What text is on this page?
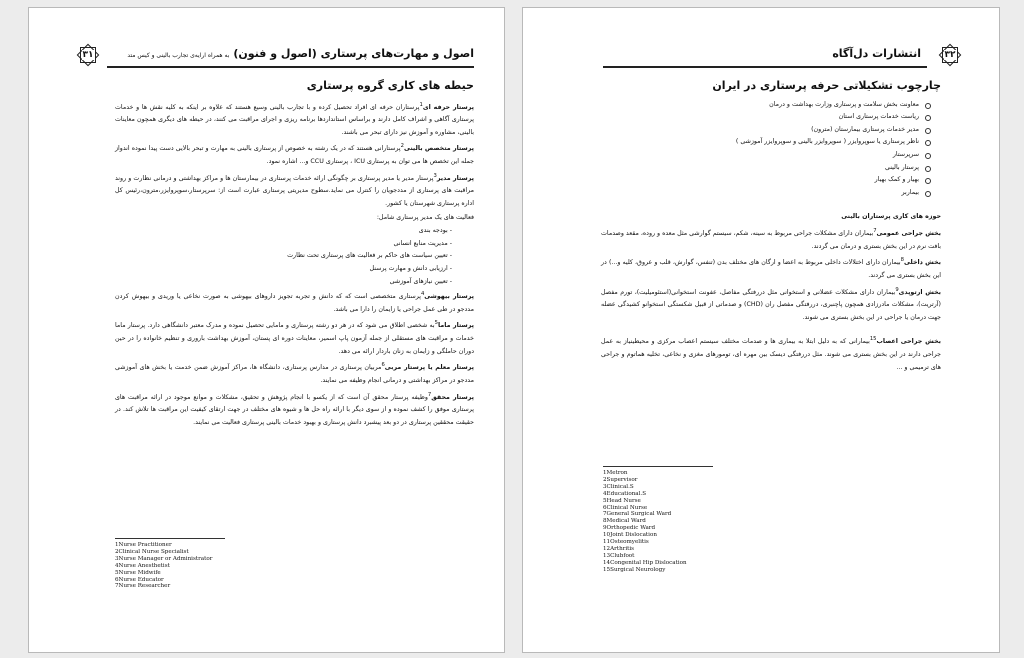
۳۱	اصول و مهارت‌های پرستاری (اصول و فنون)به همراه ارایه‌ی تجارب بالینی و کیس متد
حیطه های کاری گروه پرستاری

پرستار حرفه ای$^1$پرستاران حرفه ای افراد تحصیل کرده و با تجارب بالینی وسیع هستند که علاوه بر اینکه به کلیه نقش ها و خدمات پرستاری آگاهی و اشراف کامل دارند و براساس استانداردها برنامه ریزی و اجرای مراقبت می کنند، در حیطه های دیگری همچون معاینات بالینی، مشاوره و آموزش نیز دارای تبحر می باشند.

پرستار متخصص بالینی$^2$پرستارانی هستند که در یک رشته به خصوص از پرستاری بالینی به مهارت و تبحر بالایی دست پیدا نموده اندواز جمله این تخصص ها می توان به پرستاری ICU ، پرستاری CCU و... اشاره نمود.

پرستار مدیر$^3$پرستار مدیر یا مدیر پرستاری بر چگونگی ارائه خدمات پرستاری در بیمارستان ها و مراکز بهداشتی و درمانی نظارت و روند مراقبت های پرستاری از مددجویان را کنترل می نماید.سطوح مدیریتی پرستاری عبارت است از: سرپرستار،سوپروایزر،مترون،رئیس کل اداره پرستاری شهرستان یا کشور.

فعالیت های یک مدیر پرستاری شامل:

- بودجه بندی
- مدیریت منابع انسانی
- تعیین سیاست های حاکم بر فعالیت های پرستاری تحت نظارت
- ارزیابی دانش و مهارت پرسنل
- تعیین نیازهای آموزشی

پرستار بیهوشی$^4$پرستاری متخصصی است که که دانش و تجربه تجویز داروهای بیهوشی به صورت نخاعی یا وریدی و بیهوش کردن مددجو در طی عمل جراحی یا زایمان را دارا می باشد.

پرستار ماما$^5$به شخصی اطلاق می شود که در هر دو رشته پرستاری و مامایی تحصیل نموده و مدرک معتبر دانشگاهی دارد. پرستار ماما خدمات و مراقبت های مستقلی از جمله آزمون پاپ اسمیر، معاینات دوره ای پستان، آموزش بهداشت باروری و تنظیم خانواده را در حین دوران حاملگی و زایمان به زنان باردار ارائه می دهد.

پرستار معلم یا پرستار مربی$^6$مربیان پرستاری در مدارس پرستاری، دانشگاه ها، مراکز آموزش ضمن خدمت یا بخش های آموزشی مددجو در مراکز بهداشتی و درمانی انجام وظیفه می نمایند.

پرستار محقق$^7$وظیفه پرستار محقق آن است که از یکسو با انجام پژوهش و تحقیق، مشکلات و موانع موجود در ارائه مراقبت های پرستاری موفق را کشف نموده و از سوی دیگر با ارائه راه حل ها و شیوه های مختلف در جهت ارتقای کیفیت این مراقبت ها تلاش کند. در حقیقت محققین پرستاری در دو بعد پیشبرد دانش پرستاری و بهبود خدمات بالینی پرستاری فعالیت می نمایند.

1Nurse Practitioner
2Clinical Nurse Specialist
3Nurse Manager or Administrator
4Nurse Anesthetist
5Nurse Midwife
6Nurse Educator
7Nurse Researcher
۳۲
انتشارات دل‌آگاه
چارچوب تشکیلاتی حرفه پرستاری در ایران
معاونت بخش سلامت و پرستاری وزارت بهداشت و درمان
ریاست خدمات پرستاری استان
مدیر خدمات پرستاری بیمارستان (مترون)
ناظر پرستاری یا سوپروایزر ( سوپروایزر بالینی و سوپروایزر آموزشی )
سرپرستار
پرستار بالینی
بهیار و کمک بهیار
بیماربر

حوزه های کاری پرستاران بالینی

بخش جراحی عمومی$^7$بیماران دارای مشکلات جراحی مربوط به سینه، شکم، سیستم گوارشی مثل معده و روده، مقعد وصدمات بافت نرم در این بخش بستری و درمان می گردند.

بخش داخلی$^8$بیماران دارای اختلالات داخلی مربوط به اعضا و ارگان های مختلف بدن (تنفس، گوارش، قلب و عروق، کلیه و...) در این بخش بستری می گردند.

بخش ارتوپدی$^9$بیماران دارای مشکلات عضلانی و استخوانی مثل دررفتگی مفاصل، عفونت استخوانی(استئومیلیت)، تورم مفصل (آرتریت)، مشکلات مادرزادی همچون پاچنبری، دررفتگی مفصل ران (CHD) و صدماتی از قبیل شکستگی استخوانو کشیدگی عضله جهت درمان یا جراحی در این بخش بستری می شوند.

بخش جراحی اعصاب$^{15}$بیمارانی که به دلیل ابتلا به بیماری ها و صدمات مختلف سیستم اعصاب مرکزی و محیطینیاز به عمل جراحی دارند در این بخش بستری می شوند. مثل دررفتگی دیسک بین مهره ای، تومورهای مغزی و نخاعی، تخلیه هماتوم و جراحی های ترمیمی و ...

1Metron
2Supervisor
3Clinical.S
4Educational.S
5Head Nurse
6Clinical Nurse
7General Surgical Ward
8Medical Ward
9Orthopedic Ward
10Joint Dislocation
11Osteomyelitis
12Arthritis
13Clubfoot
14Congenital Hip Dislocation
15Surgical Neurology
